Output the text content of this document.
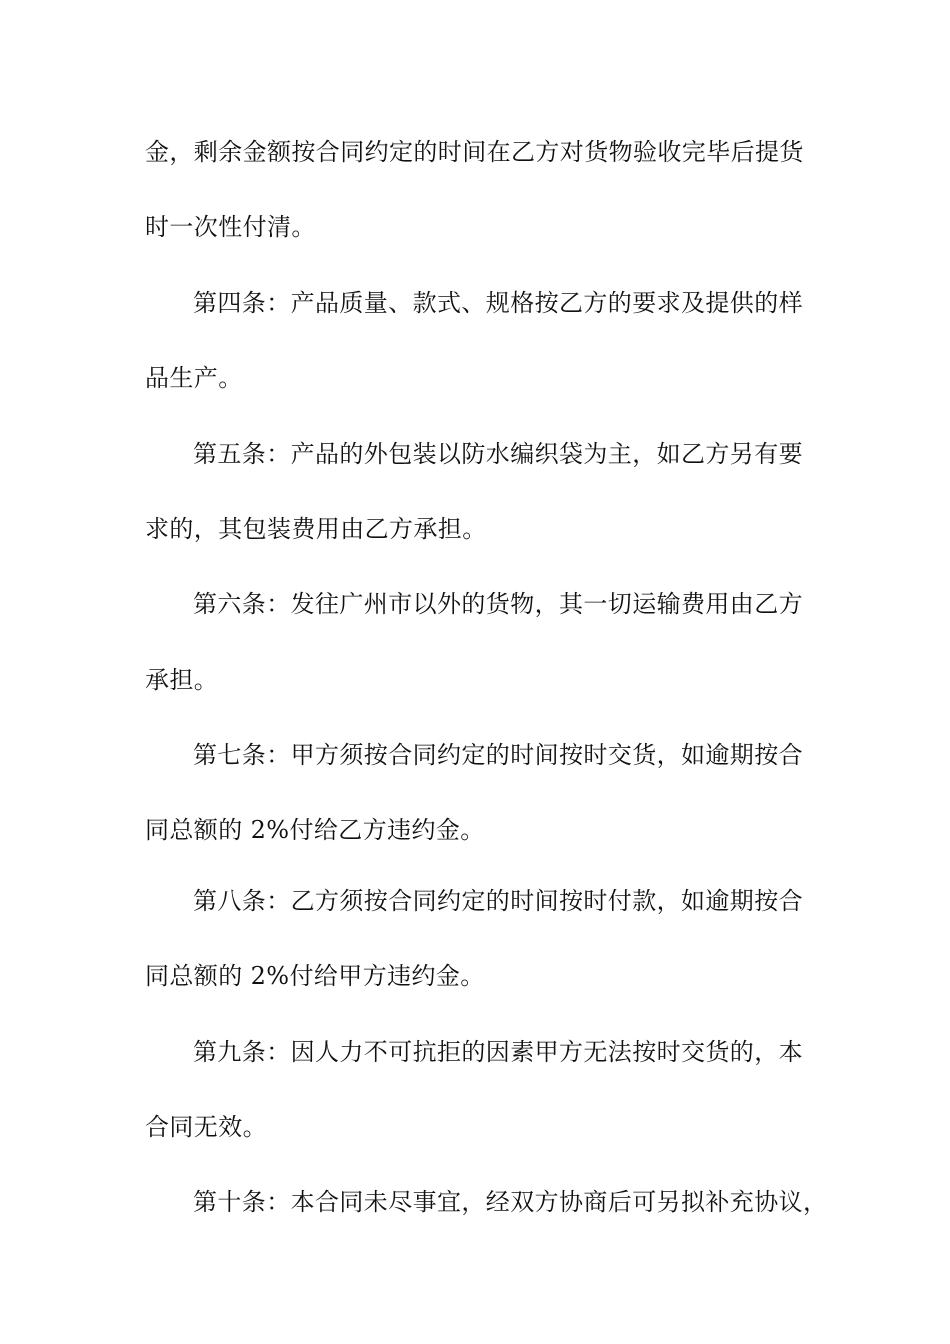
金，剩余金额按合同约定的时间在乙方对货物验收完毕后提货
时一次性付清。
第四条：产品质量、款式、规格按乙方的要求及提供的样
品生产。
第五条：产品的外包装以防水编织袋为主，如乙方另有要
求的，其包装费用由乙方承担。
第六条：发往广州市以外的货物，其一切运输费用由乙方
承担。
第七条：甲方须按合同约定的时间按时交货，如逾期按合
同总额的 2%付给乙方违约金。
第八条：乙方须按合同约定的时间按时付款，如逾期按合
同总额的 2%付给甲方违约金。
第九条：因人力不可抗拒的因素甲方无法按时交货的，本
合同无效。
第十条：本合同未尽事宜，经双方协商后可另拟补充协议，
